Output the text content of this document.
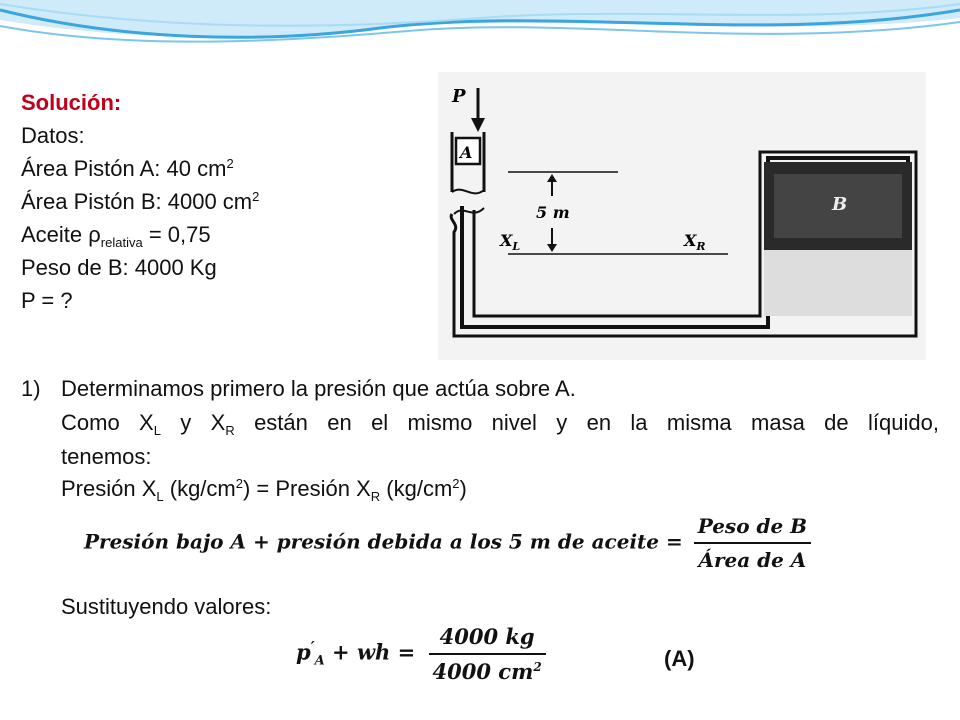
Solución:
Datos:
Área Pistón A: 40 $cm^2$
Área Pistón B: 4000 $cm^2$
Aceite $\rho_{relativa} = 0,75$
Peso de B: 4000 Kg
P = ?
P
A
B
5 m
$X_L$	$X_R$
1) Determinamos primero la presión que actúa sobre A.
Como $X_L$ y $X_R$ están en el mismo nivel y en la misma masa de líquido,
tenemos:
Presión $X_L$ $(kg/cm^2)$ = Presión $X_R$ $(kg/cm^2)$
Presión bajo A + presión debida a los 5 m de aceite = $\frac{\text{Peso de B}}{\text{Área de A}}$
Sustituyendo valores:
$p'_A$ + wh = $\frac{4000 kg}{4000 cm^2}$	(A)
